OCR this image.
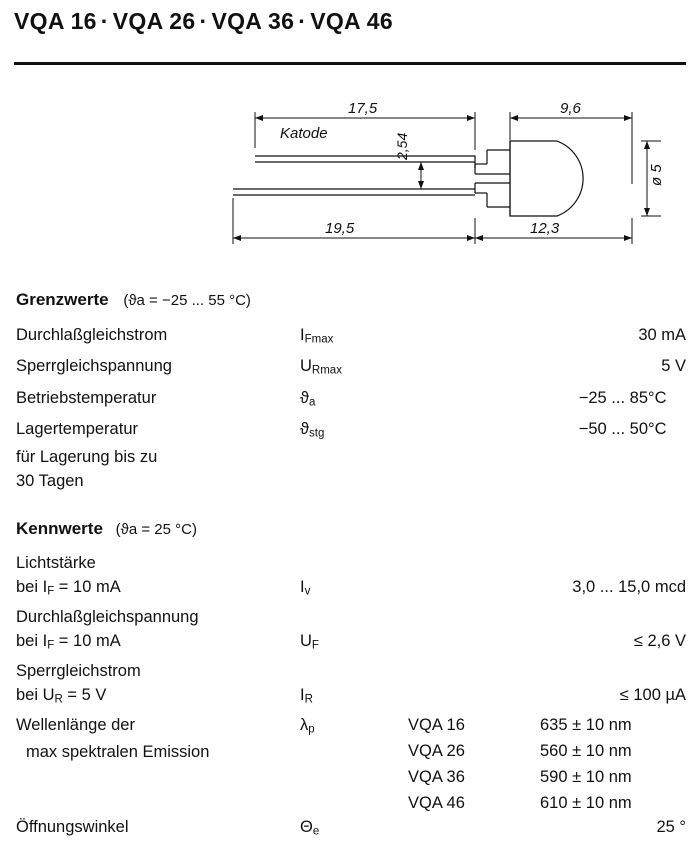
VQA 16 · VQA 26 · VQA 36 · VQA 46
17,5	9,6
2,54
Katode
19,5	12,3
ø 5
Grenzwerte (ϑa = −25 ... 55 °C)
Durchlaßgleichstrom	$I_{Fmax}$	30 mA
Sperrgleichspannung	$U_{Rmax}$	5 V
Betriebstemperatur	$ϑ_a$	−25 ... 85 °C
Lagertemperatur	$ϑ_{stg}$	−50 ... 50 °C
für Lagerung bis zu
30 Tagen
Kennwerte (ϑa = 25 °C)
Lichtstärke
bei $I_F = 10$ mA	$I_v$	3,0 ... 15,0 mcd
Durchlaßgleichspannung
bei $I_F = 10$ mA	$U_F$	≤ 2,6 V
Sperrgleichstrom
bei $U_R = 5$ V	$I_R$	≤ 100 µA
Wellenlänge der
max spektralen Emission
$\lambda_p$	VQA 16	635 ± 10 nm
VQA 26	560 ± 10 nm
VQA 36	590 ± 10 nm
VQA 46	610 ± 10 nm
Öffnungswinkel	$\Theta_e$	25 °
